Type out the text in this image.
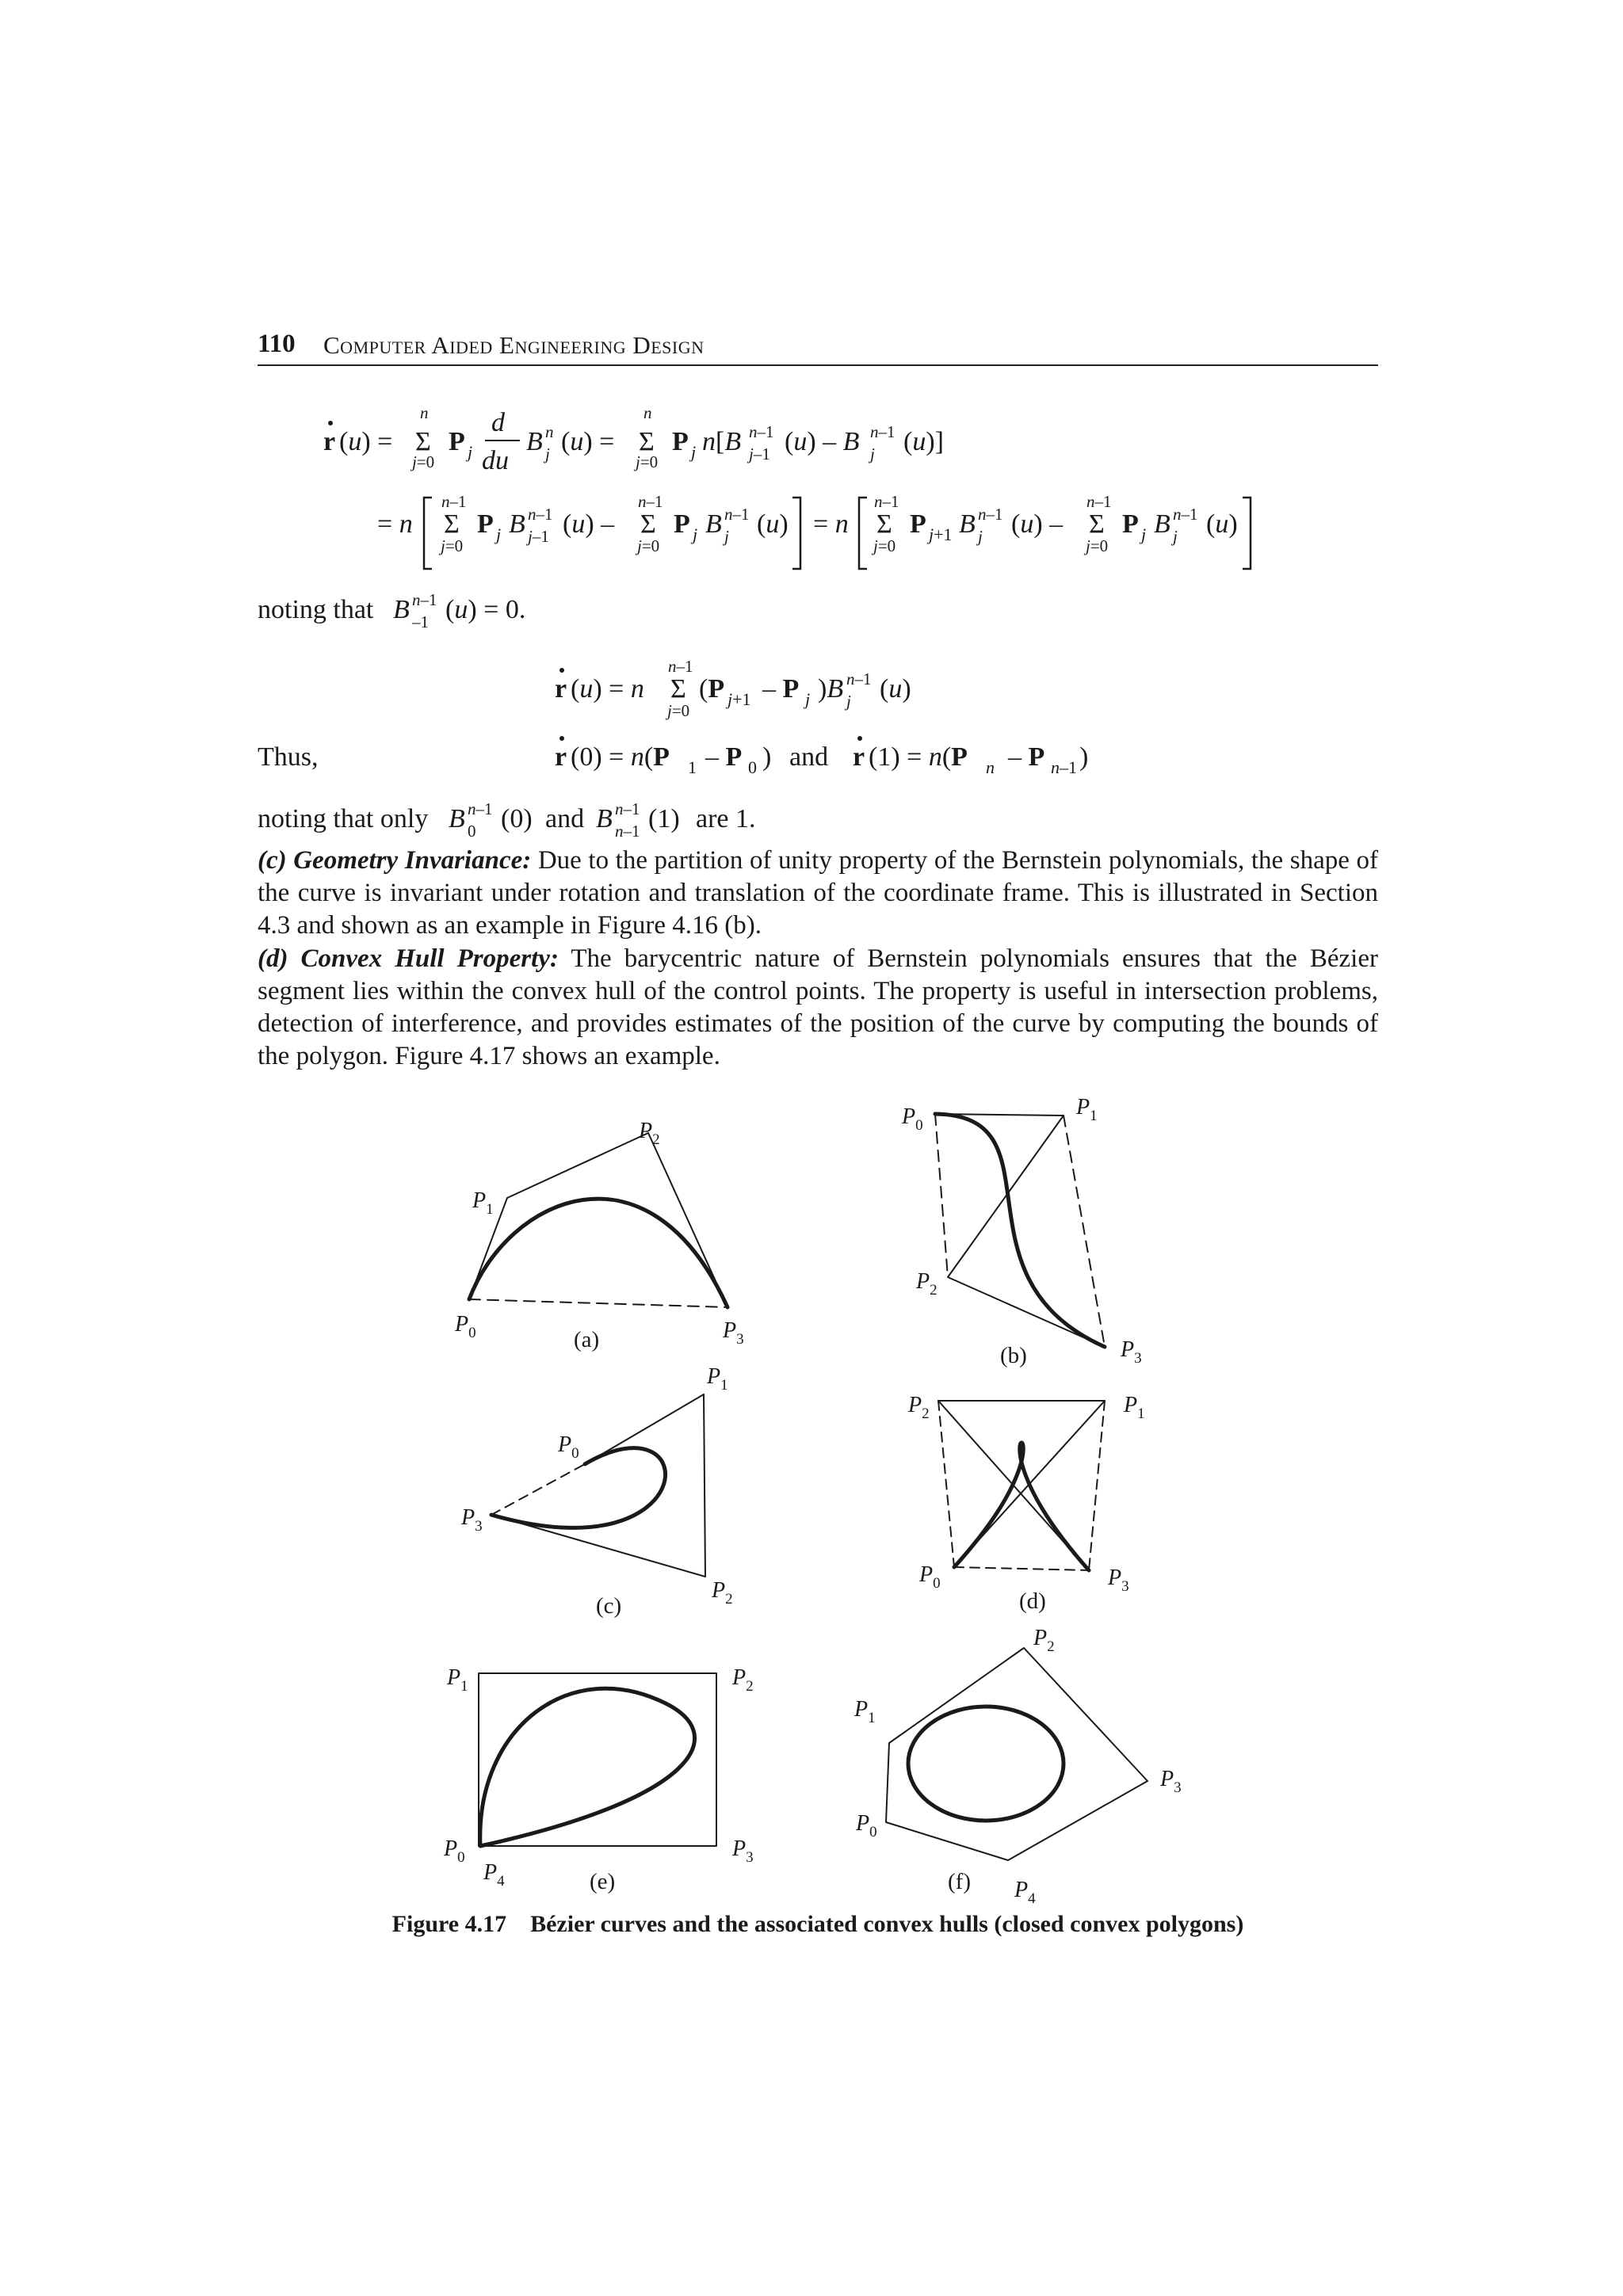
110 Computer Aided Engineering Design
r (u) = Σ
n
j=0
P j
d
du
B n
j (u) = Σ
n
j=0
P j n[B n–1
j–1 (u) – B n–1
j (u)]
= n Σ
n–1
j=0
P j B n–1
j–1 (u) – Σ
n–1
j=0
P j B n–1
j (u) = n Σ
n–1
j=0
P j+1 B n–1
j (u) – Σ
n–1
j=0
P j B n–1
j (u)
noting that B n–1
–1 (u) = 0.
r (u) = n Σ
n–1
j=0
(P j+1 – P j )B n–1
j (u)
Thus,	r (0) = n(P 1 – P 0 ) and r (1) = n(P n – P n–1 )
noting that only B n–1
0 (0) and B n–1
n–1 (1) are 1.
(c) Geometry Invariance: Due to the partition of unity property of the Bernstein polynomials, the shape of the curve is invariant under rotation and translation of the coordinate frame. This is illustrated in Section 4.3 and shown as an example in Figure 4.16 (b).
(d) Convex Hull Property: The barycentric nature of Bernstein polynomials ensures that the Bézier segment lies within the convex hull of the control points. The property is useful in intersection problems, detection of interference, and provides estimates of the position of the curve by computing the bounds of the polygon. Figure 4.17 shows an example.
$P_2$
$P_1$
$P_0$	$P_3$
$P_0$
$P_1$
$P_2$
$P_3$
$P_1$
$P_0$
$P_3$
$P_2$
$P_2$	$P_1$
$P_0$	$P_3$
$P_1$	$P_2$
$P_0$
$P_4$
$P_3$
$P_2$
$P_1$
$P_3$
$P_0$
$P_4$
(a)
(b)
(c)	(d)
(e)	(f)
Figure 4.17 Bézier curves and the associated convex hulls (closed convex polygons)
